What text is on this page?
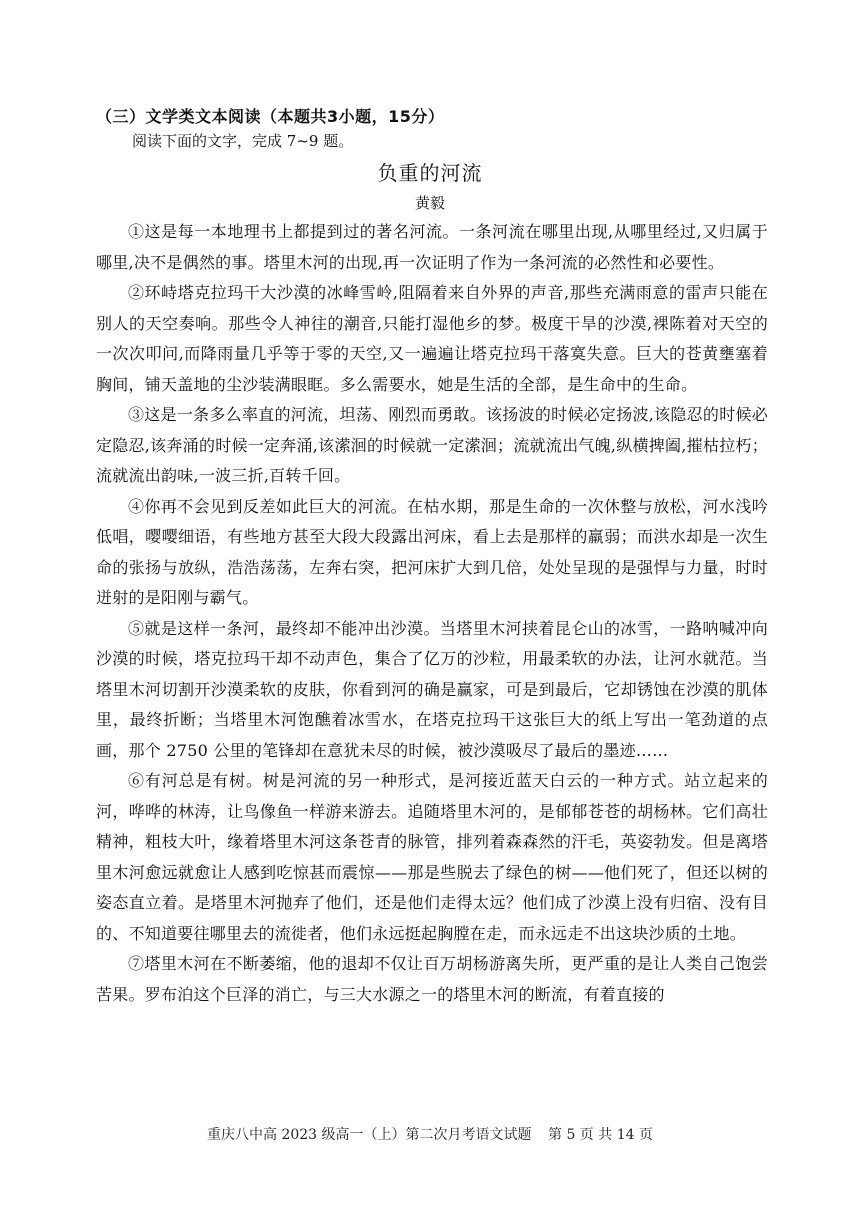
（三）文学类文本阅读（本题共3小题，15分）
阅读下面的文字，完成 7~9 题。
负重的河流
黄毅

①这是每一本地理书上都提到过的著名河流。一条河流在哪里出现,从哪里经过,又归属于哪里,决不是偶然的事。塔里木河的出现,再一次证明了作为一条河流的必然性和必要性。

②环峙塔克拉玛干大沙漠的冰峰雪岭,阻隔着来自外界的声音,那些充满雨意的雷声只能在别人的天空奏响。那些令人神往的潮音,只能打湿他乡的梦。极度干旱的沙漠,裸陈着对天空的一次次叩问,而降雨量几乎等于零的天空,又一遍遍让塔克拉玛干落寞失意。巨大的苍黄壅塞着胸间，铺天盖地的尘沙装满眼眶。多么需要水，她是生活的全部，是生命中的生命。

③这是一条多么率直的河流，坦荡、刚烈而勇敢。该扬波的时候必定扬波,该隐忍的时候必定隐忍,该奔涌的时候一定奔涌,该潆洄的时候就一定潆洄；流就流出气魄,纵横捭阖,摧枯拉朽；流就流出韵味,一波三折,百转千回。

④你再不会见到反差如此巨大的河流。在枯水期，那是生命的一次休整与放松，河水浅吟低唱，嘤嘤细语，有些地方甚至大段大段露出河床，看上去是那样的羸弱；而洪水却是一次生命的张扬与放纵，浩浩荡荡，左奔右突，把河床扩大到几倍，处处呈现的是强悍与力量，时时迸射的是阳刚与霸气。

⑤就是这样一条河，最终却不能冲出沙漠。当塔里木河挟着昆仑山的冰雪，一路呐喊冲向沙漠的时候，塔克拉玛干却不动声色，集合了亿万的沙粒，用最柔软的办法，让河水就范。当塔里木河切割开沙漠柔软的皮肤，你看到河的确是赢家，可是到最后，它却锈蚀在沙漠的肌体里，最终折断；当塔里木河饱醮着冰雪水，在塔克拉玛干这张巨大的纸上写出一笔劲道的点画，那个 2750 公里的笔锋却在意犹未尽的时候，被沙漠吸尽了最后的墨迹……

⑥有河总是有树。树是河流的另一种形式，是河接近蓝天白云的一种方式。站立起来的河，哗哗的林涛，让鸟像鱼一样游来游去。追随塔里木河的，是郁郁苍苍的胡杨林。它们高壮精神，粗枝大叶，缘着塔里木河这条苍青的脉管，排列着森森然的汗毛，英姿勃发。但是离塔里木河愈远就愈让人感到吃惊甚而震惊——那是些脱去了绿色的树——他们死了，但还以树的姿态直立着。是塔里木河抛弃了他们，还是他们走得太远？他们成了沙漠上没有归宿、没有目的、不知道要往哪里去的流徙者，他们永远挺起胸膛在走，而永远走不出这块沙质的土地。

⑦塔里木河在不断萎缩，他的退却不仅让百万胡杨游离失所，更严重的是让人类自己饱尝苦果。罗布泊这个巨泽的消亡，与三大水源之一的塔里木河的断流，有着直接的

重庆八中高 2023 级高一（上）第二次月考语文试题 第 5 页 共 14 页
